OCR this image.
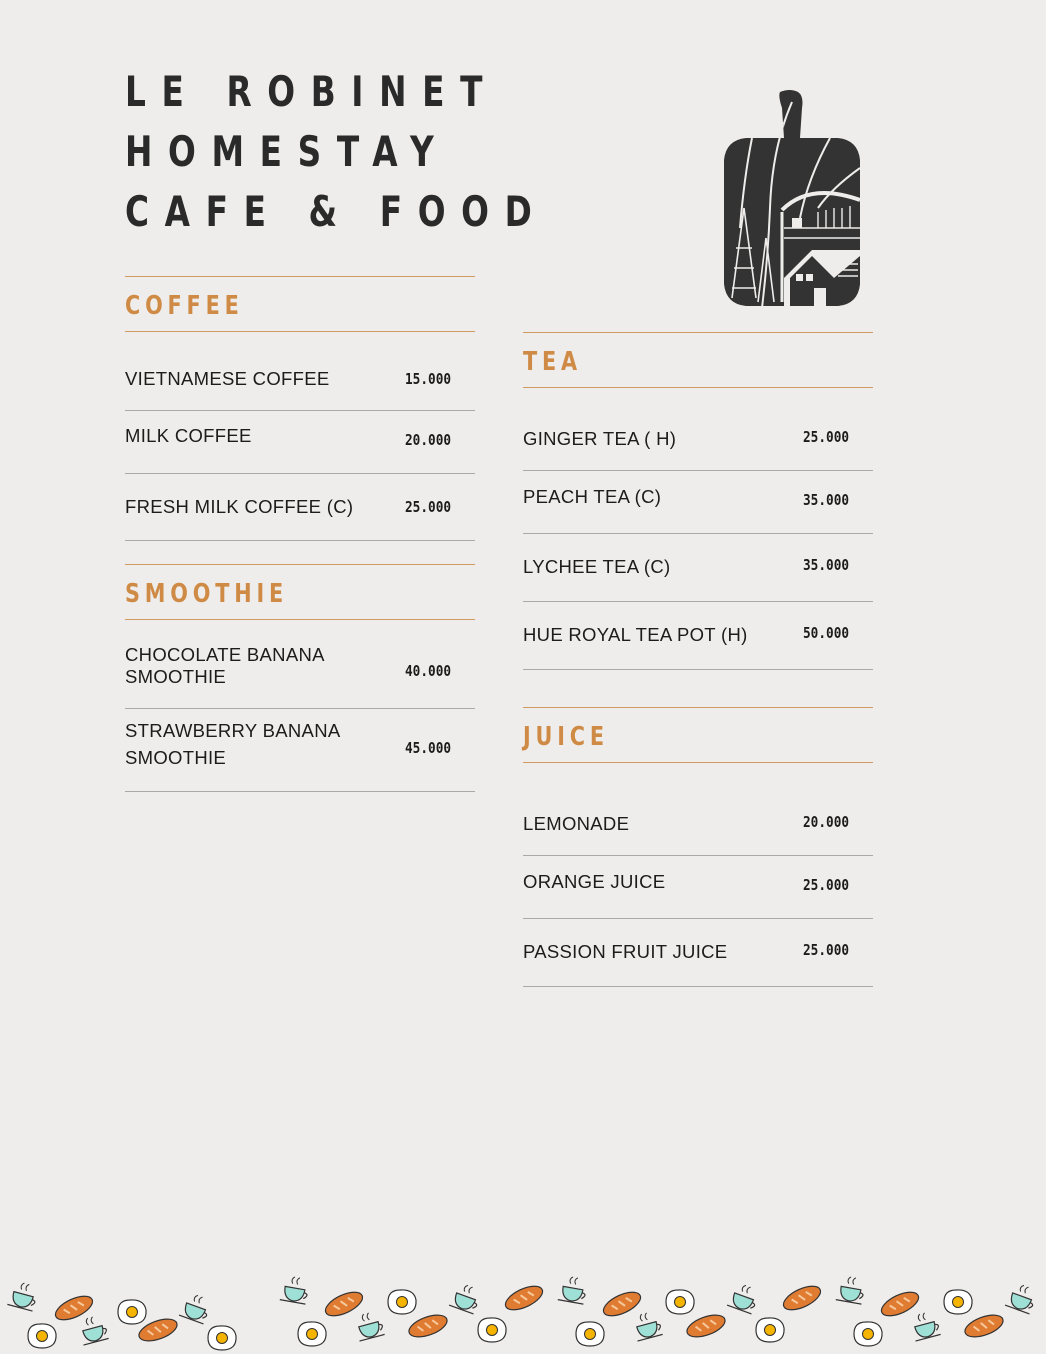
LE ROBINET
HOMESTAY
CAFE & FOOD
COFFEE
VIETNAMESE COFFEE	15.000
MILK COFFEE	20.000
FRESH MILK COFFEE (C)	25.000
SMOOTHIE
CHOCOLATE BANANA SMOOTHIE	40.000
STRAWBERRY BANANA SMOOTHIE	45.000
TEA
GINGER TEA ( H)	25.000
PEACH TEA (C)	35.000
LYCHEE TEA (C)	35.000
HUE ROYAL TEA POT (H)	50.000
JUICE
LEMONADE	20.000
ORANGE JUICE	25.000
PASSION FRUIT JUICE	25.000
